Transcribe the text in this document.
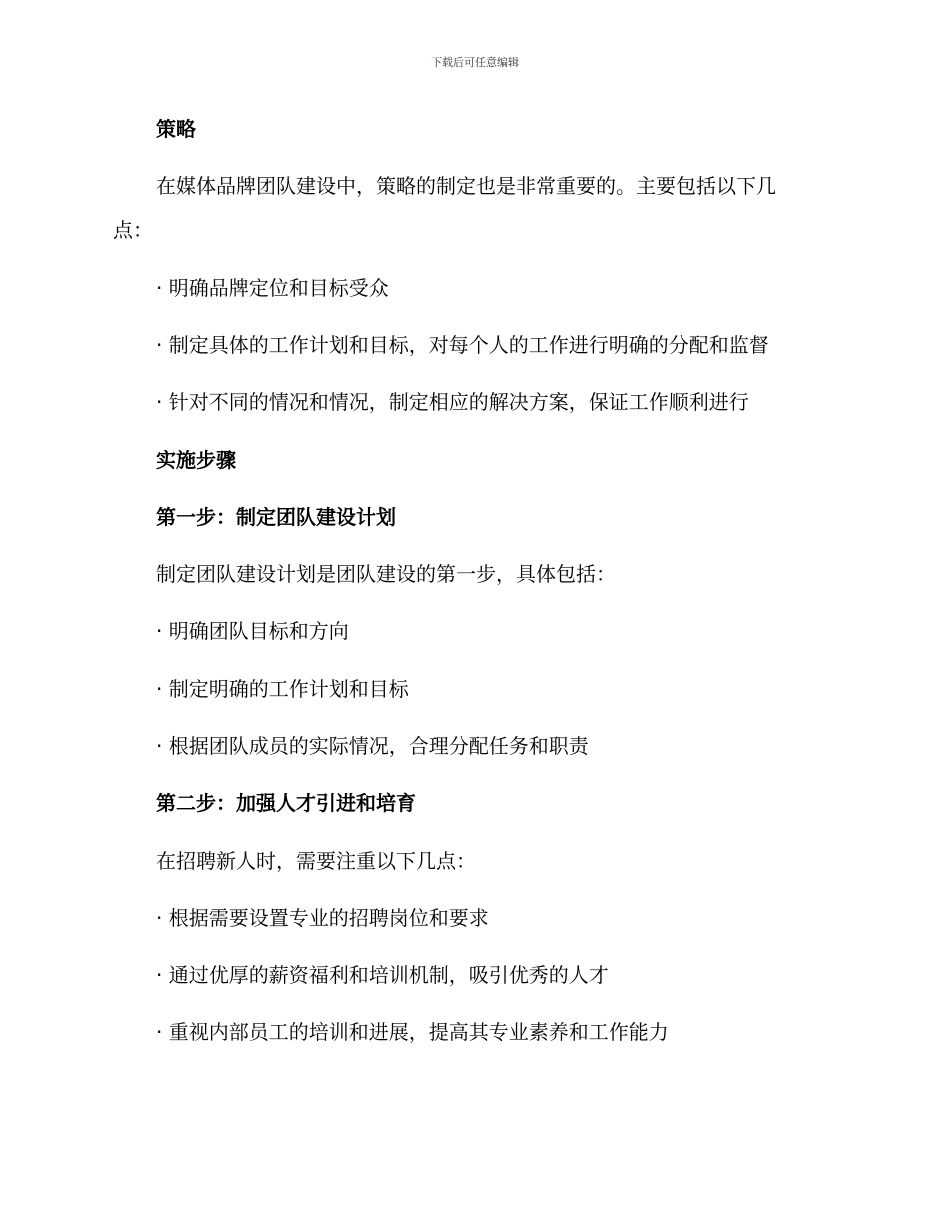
下载后可任意编辑
策略
在媒体品牌团队建设中，策略的制定也是非常重要的。主要包括以下几
点：
· 明确品牌定位和目标受众
· 制定具体的工作计划和目标，对每个人的工作进行明确的分配和监督
· 针对不同的情况和情况，制定相应的解决方案，保证工作顺利进行
实施步骤
第一步：制定团队建设计划
制定团队建设计划是团队建设的第一步，具体包括：
· 明确团队目标和方向
· 制定明确的工作计划和目标
· 根据团队成员的实际情况，合理分配任务和职责
第二步：加强人才引进和培育
在招聘新人时，需要注重以下几点：
· 根据需要设置专业的招聘岗位和要求
· 通过优厚的薪资福利和培训机制，吸引优秀的人才
· 重视内部员工的培训和进展，提高其专业素养和工作能力
